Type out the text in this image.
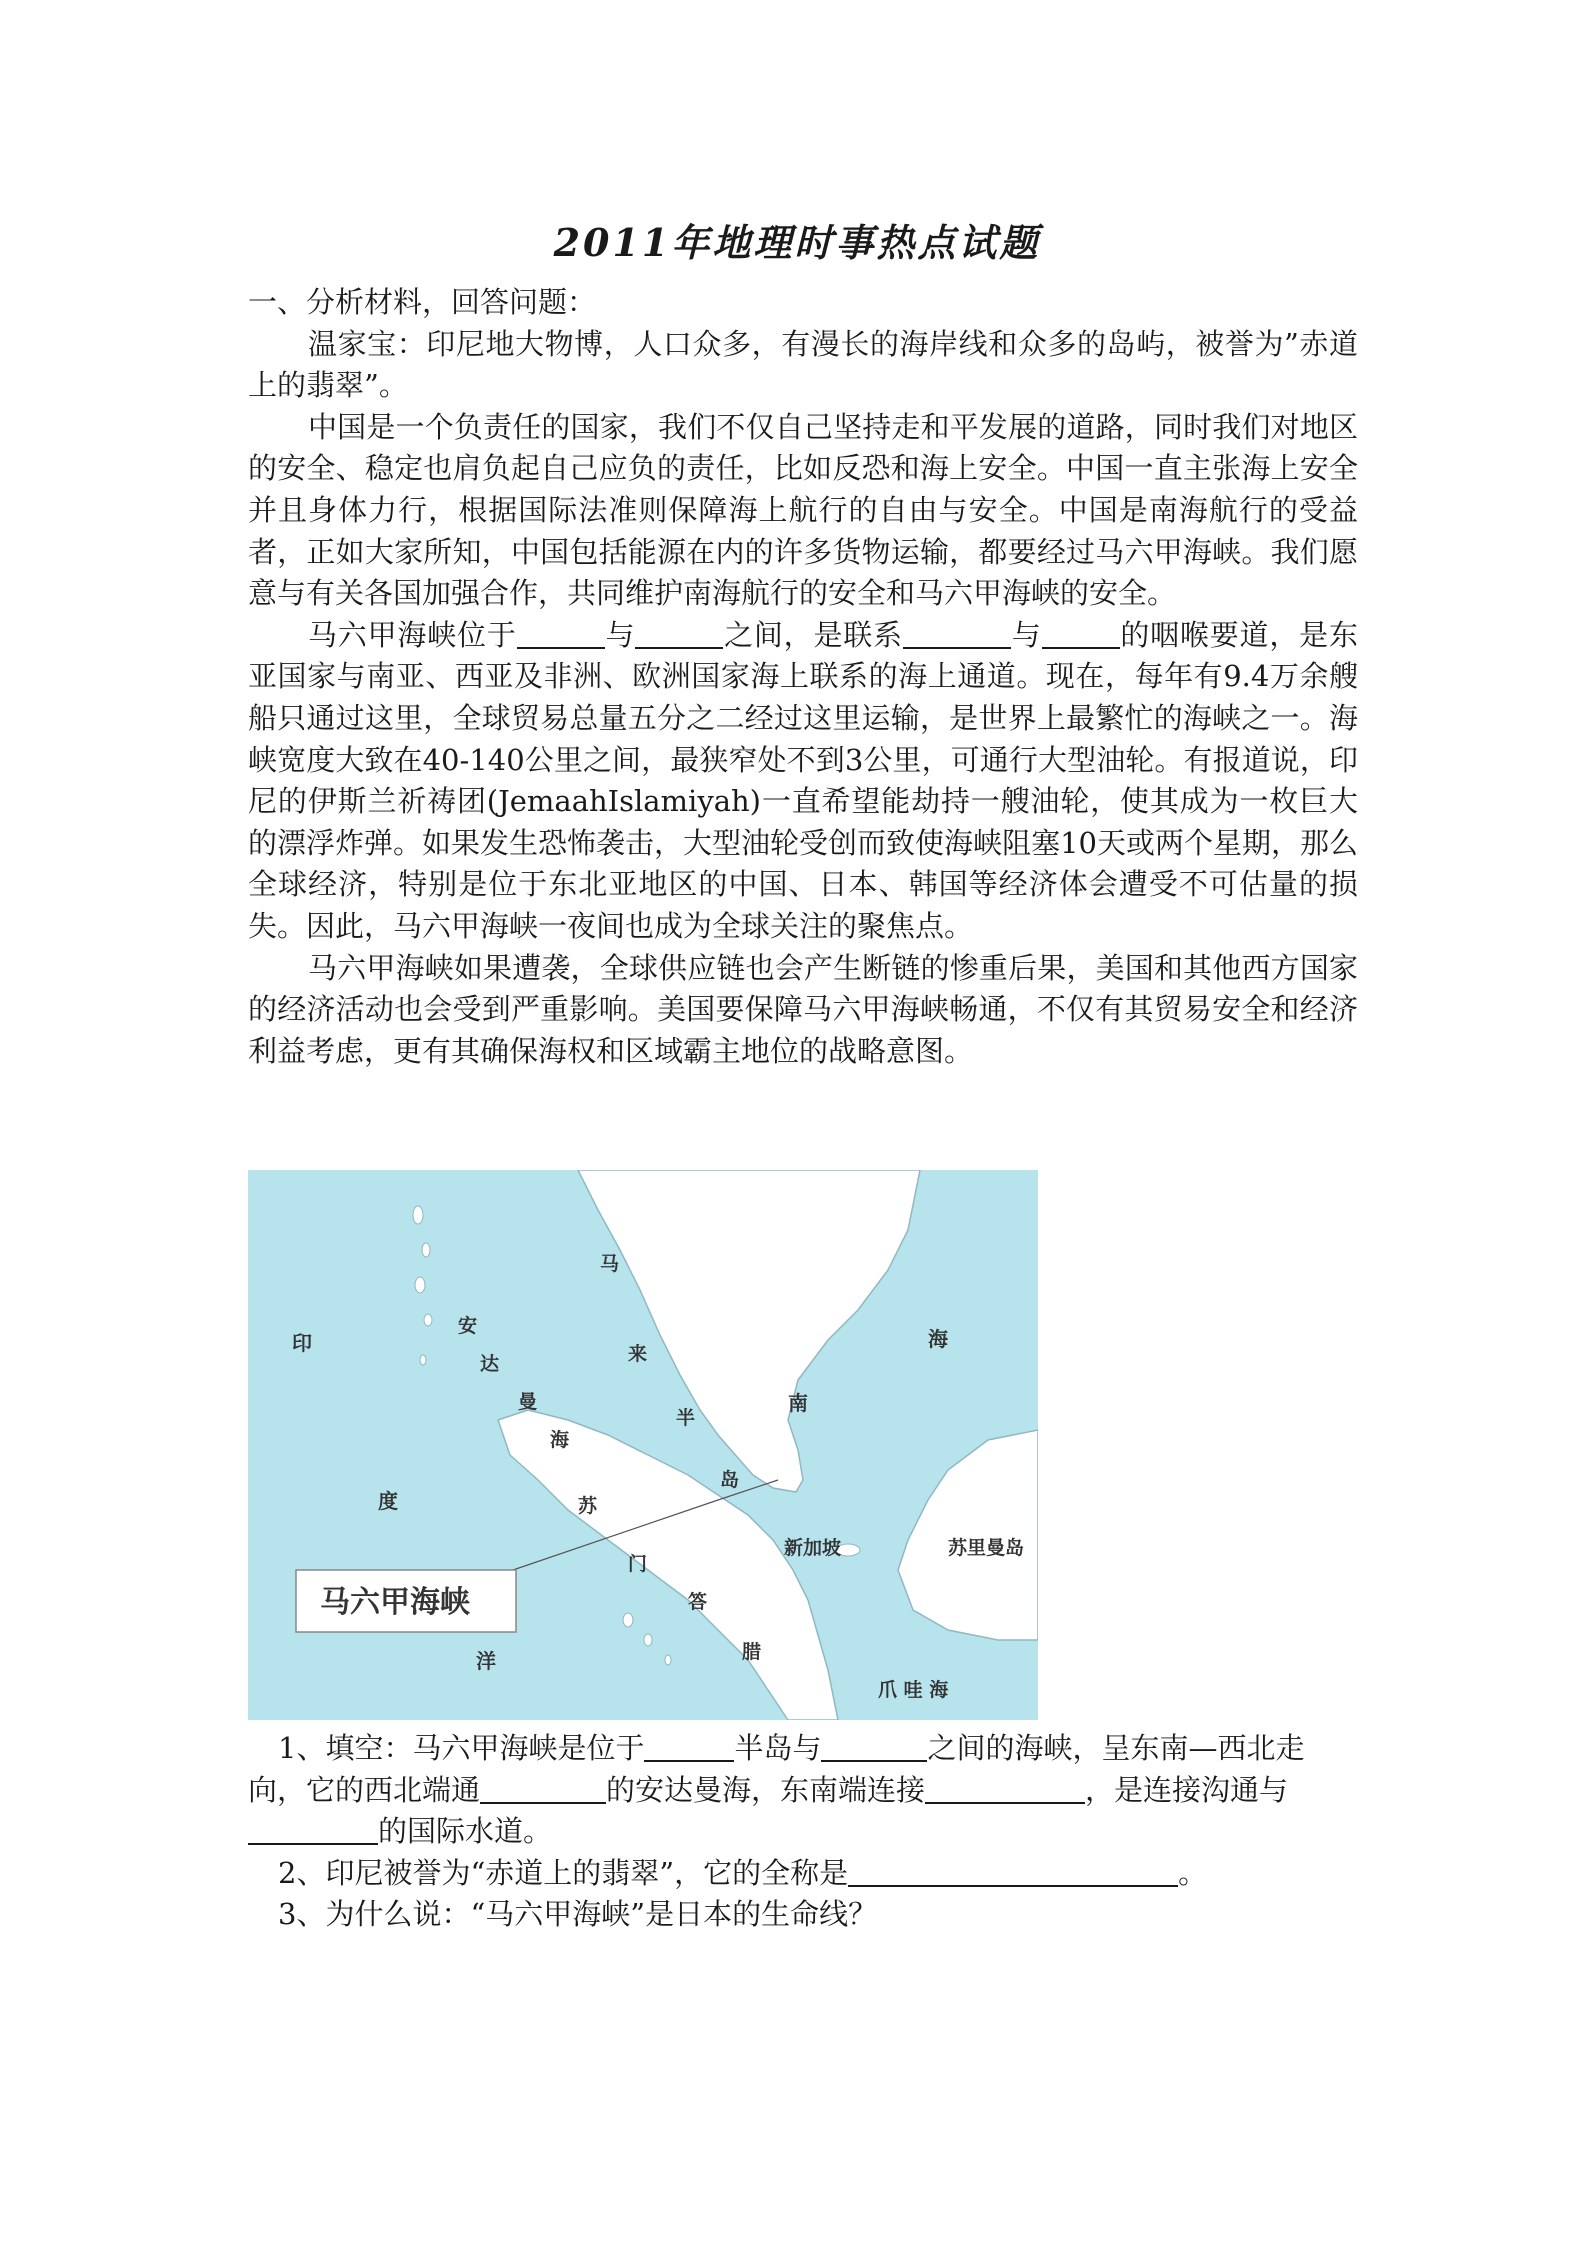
2011年地理时事热点试题

一、分析材料，回答问题：

温家宝：印尼地大物博，人口众多，有漫长的海岸线和众多的岛屿，被誉为”赤道上的翡翠”。

中国是一个负责任的国家，我们不仅自己坚持走和平发展的道路，同时我们对地区的安全、稳定也肩负起自己应负的责任，比如反恐和海上安全。中国一直主张海上安全并且身体力行，根据国际法准则保障海上航行的自由与安全。中国是南海航行的受益者，正如大家所知，中国包括能源在内的许多货物运输，都要经过马六甲海峡。我们愿意与有关各国加强合作，共同维护南海航行的安全和马六甲海峡的安全。

马六甲海峡位于	与	之间，是联系	与	的咽喉要道，是东亚国家与南亚、西亚及非洲、欧洲国家海上联系的海上通道。现在，每年有9.4万余艘船只通过这里，全球贸易总量五分之二经过这里运输，是世界上最繁忙的海峡之一。海峡宽度大致在40-140公里之间，最狭窄处不到3公里，可通行大型油轮。有报道说，印尼的伊斯兰祈祷团(JemaahIslamiyah)一直希望能劫持一艘油轮，使其成为一枚巨大的漂浮炸弹。如果发生恐怖袭击，大型油轮受创而致使海峡阻塞10天或两个星期，那么全球经济，特别是位于东北亚地区的中国、日本、韩国等经济体会遭受不可估量的损失。因此，马六甲海峡一夜间也成为全球关注的聚焦点。

马六甲海峡如果遭袭，全球供应链也会产生断链的惨重后果，美国和其他西方国家的经济活动也会受到严重影响。美国要保障马六甲海峡畅通，不仅有其贸易安全和经济利益考虑，更有其确保海权和区域霸主地位的战略意图。

印
度
洋
安
达
曼
海
马
来
半
岛
苏
门
答
腊
南
海
新加坡	苏里曼岛
爪 哇 海
马六甲海峡

1、填空：马六甲海峡是位于	半岛与	之间的海峡，呈东南—西北走向，它的西北端通	的安达曼海，东南端连接	，是连接沟通与的国际水道。

2、印尼被誉为“赤道上的翡翠”，它的全称是	。

3、为什么说：“马六甲海峡”是日本的生命线？
